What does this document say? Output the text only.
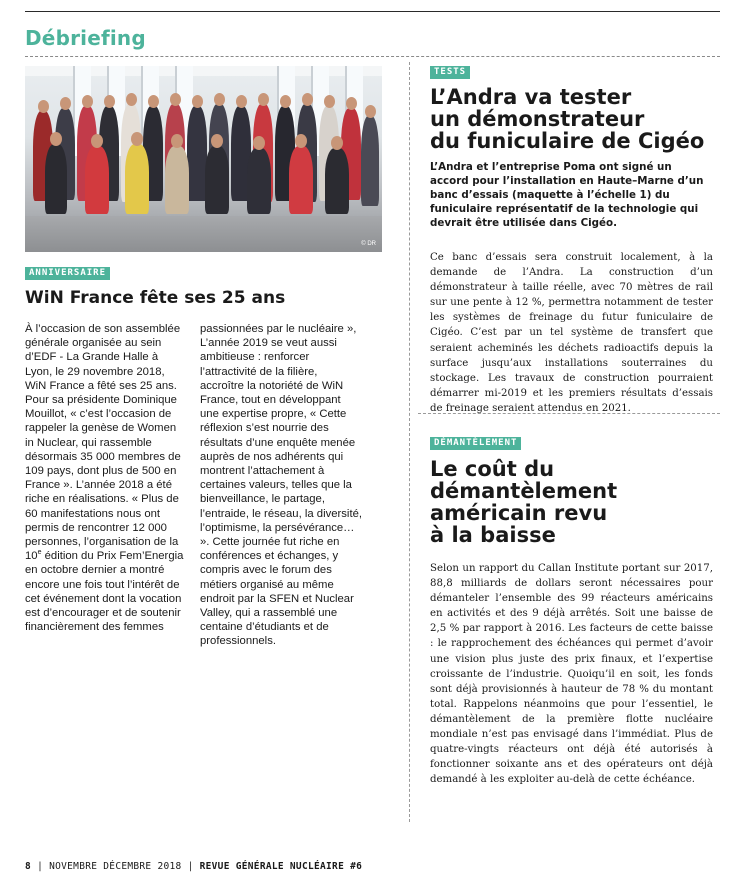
Débriefing
© DR
ANNIVERSAIRE
WiN France fête ses 25 ans
À l’occasion de son assemblée générale organisée au sein d’EDF - La Grande Halle à Lyon, le 29 novembre 2018, WiN France a fêté ses 25 ans. Pour sa présidente Dominique Mouillot, « c’est l’occasion de rappeler la genèse de Women in Nuclear, qui rassemble désormais 35 000 membres de 109 pays, dont plus de 500 en France ». L’année 2018 a été riche en réalisations. « Plus de 60 manifestations nous ont permis de rencontrer 12 000 personnes, l’organisation de la 10e édition du Prix Fem’Energia en octobre dernier a montré encore une fois tout l’intérêt de cet événement dont la vocation est d’encourager et de soutenir financièrement des femmes
passionnées par le nucléaire », L’année 2019 se veut aussi ambitieuse : renforcer l’attractivité de la filière, accroître la notoriété de WiN France, tout en développant une expertise propre, « Cette réflexion s’est nourrie des résultats d’une enquête menée auprès de nos adhérents qui montrent l’attachement à certaines valeurs, telles que la bienveillance, le partage, l’entraide, le réseau, la diversité, l’optimisme, la persévérance… ». Cette journée fut riche en conférences et échanges, y compris avec le forum des métiers organisé au même endroit par la SFEN et Nuclear Valley, qui a rassemblé une centaine d’étudiants et de professionnels.
TESTS
L’Andra va tester
un démonstrateur
du funiculaire de Cigéo
L’Andra et l’entreprise Poma ont signé un accord pour l’installation en Haute–Marne d’un banc d’essais (maquette à l’échelle 1) du funiculaire représentatif de la technologie qui devrait être utilisée dans Cigéo.
Ce banc d’essais sera construit localement, à la demande de l’Andra. La construction d’un démonstrateur à taille réelle, avec 70 mètres de rail sur une pente à 12 %, permettra notamment de tester les systèmes de freinage du futur funiculaire de Cigéo. C’est par un tel système de transfert que seraient acheminés les déchets radioactifs depuis la surface jusqu’aux installations souterraines du stockage. Les travaux de construction pourraient démarrer mi-2019 et les premiers résultats d’essais de freinage seraient attendus en 2021.
DÉMANTÈLEMENT
Le coût du
démantèlement
américain revu
à la baisse
Selon un rapport du Callan Institute portant sur 2017, 88,8 milliards de dollars seront nécessaires pour démanteler l’ensemble des 99 réacteurs américains en activités et des 9 déjà arrêtés. Soit une baisse de 2,5 % par rapport à 2016. Les facteurs de cette baisse : le rapprochement des échéances qui permet d’avoir une vision plus juste des prix finaux, et l’expertise croissante de l’industrie. Quoiqu’il en soit, les fonds sont déjà provisionnés à hauteur de 78 % du montant total. Rappelons néanmoins que pour l’essentiel, le démantèlement de la première flotte nucléaire mondiale n’est pas envisagé dans l’immédiat. Plus de quatre-vingts réacteurs ont déjà été autorisés à fonctionner soixante ans et des opérateurs ont déjà demandé à les exploiter au-delà de cette échéance.
8 | NOVEMBRE DÉCEMBRE 2018 | REVUE GÉNÉRALE NUCLÉAIRE #6
